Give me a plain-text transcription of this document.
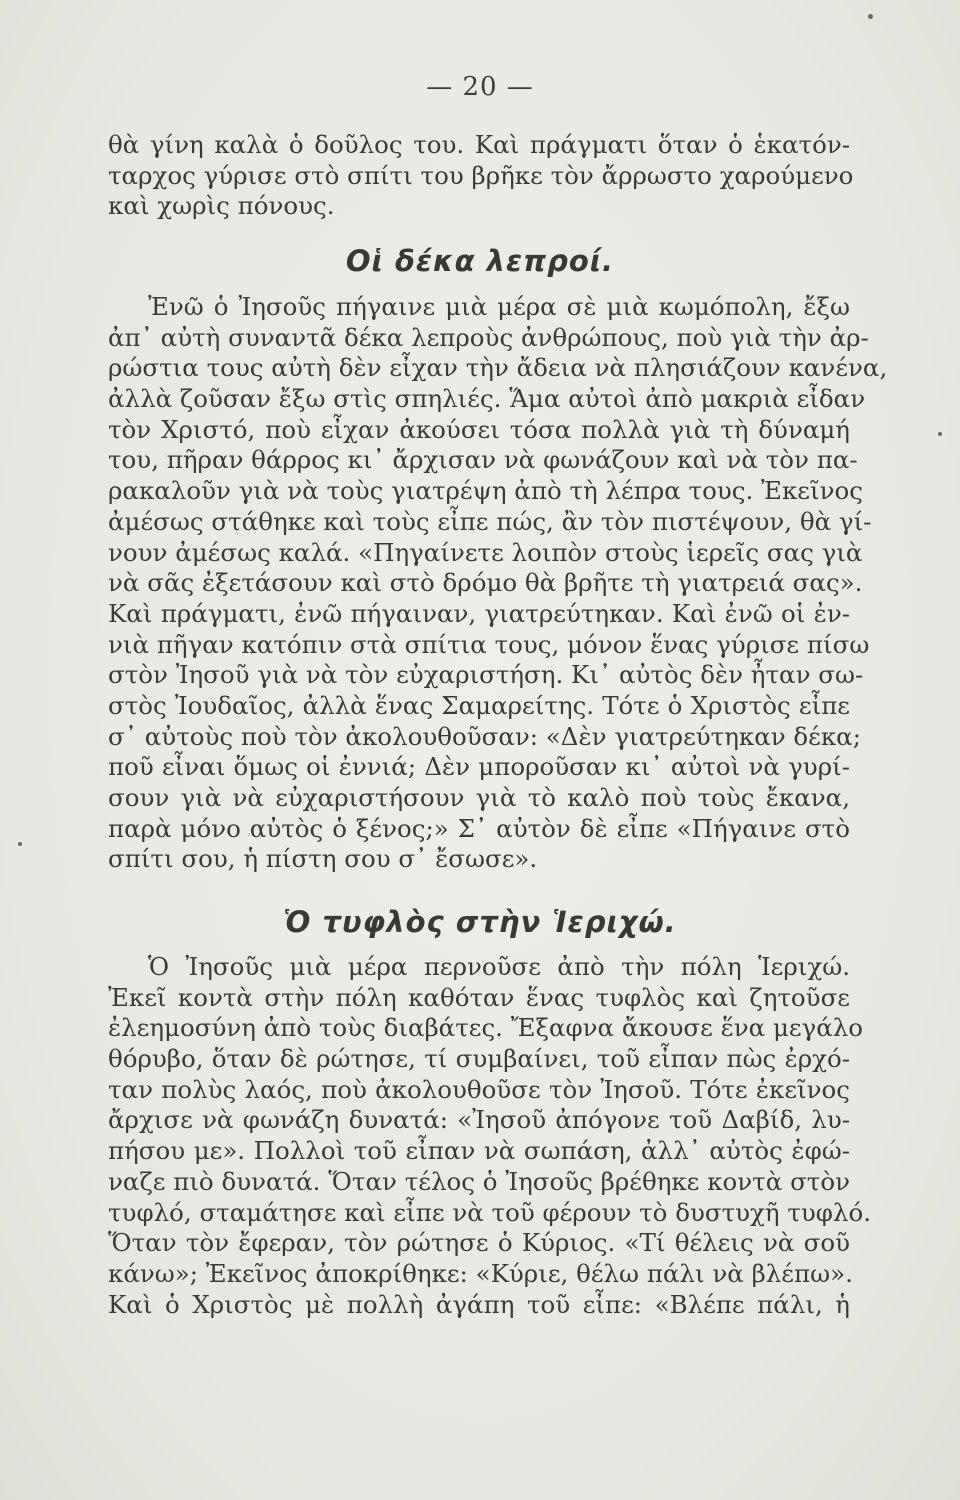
— 20 —
θὰ γίνη καλὰ ὁ δοῦλος του. Καὶ πράγματι ὅταν ὁ ἑκατόν-
ταρχος γύρισε στὸ σπίτι του βρῆκε τὸν ἄρρωστο χαρούμενο
καὶ χωρὶς πόνους.
Οἱ δέκα λεπροί.
Ἐνῶ ὁ Ἰησοῦς πήγαινε μιὰ μέρα σὲ μιὰ κωμόπολη, ἔξω
ἀπ᾿ αὐτὴ συναντᾶ δέκα λεπροὺς ἀνθρώπους, ποὺ γιὰ τὴν ἀρ-
ρώστια τους αὐτὴ δὲν εἶχαν τὴν ἄδεια νὰ πλησιάζουν κανένα,
ἀλλὰ ζοῦσαν ἔξω στὶς σπηλιές. Ἅμα αὐτοὶ ἀπὸ μακριὰ εἶδαν
τὸν Χριστό, ποὺ εἶχαν ἀκούσει τόσα πολλὰ γιὰ τὴ δύναμή
του, πῆραν θάρρος κι᾿ ἄρχισαν νὰ φωνάζουν καὶ νὰ τὸν πα-
ρακαλοῦν γιὰ νὰ τοὺς γιατρέψη ἀπὸ τὴ λέπρα τους. Ἐκεῖνος
ἀμέσως στάθηκε καὶ τοὺς εἶπε πώς, ἂν τὸν πιστέψουν, θὰ γί-
νουν ἀμέσως καλά. «Πηγαίνετε λοιπὸν στοὺς ἱερεῖς σας γιὰ
νὰ σᾶς ἐξετάσουν καὶ στὸ δρόμο θὰ βρῆτε τὴ γιατρειά σας».
Καὶ πράγματι, ἐνῶ πήγαιναν, γιατρεύτηκαν. Καὶ ἐνῶ οἱ ἐν-
νιὰ πῆγαν κατόπιν στὰ σπίτια τους, μόνον ἕνας γύρισε πίσω
στὸν Ἰησοῦ γιὰ νὰ τὸν εὐχαριστήση. Κι᾿ αὐτὸς δὲν ἦταν σω-
στὸς Ἰουδαῖος, ἀλλὰ ἕνας Σαμαρείτης. Τότε ὁ Χριστὸς εἶπε
σ᾿ αὐτοὺς ποὺ τὸν ἀκολουθοῦσαν: «Δὲν γιατρεύτηκαν δέκα;
ποῦ εἶναι ὅμως οἱ ἐννιά; Δὲν μποροῦσαν κι᾿ αὐτοὶ νὰ γυρί-
σουν γιὰ νὰ εὐχαριστήσουν γιὰ τὸ καλὸ ποὺ τοὺς ἔκανα,
παρὰ μόνο αὐτὸς ὁ ξένος;» Σ᾿ αὐτὸν δὲ εἶπε «Πήγαινε στὸ
σπίτι σου, ἡ πίστη σου σ᾿ ἔσωσε».
Ὁ τυφλὸς στὴν Ἱεριχώ.
Ὁ Ἰησοῦς μιὰ μέρα περνοῦσε ἀπὸ τὴν πόλη Ἱεριχώ.
Ἐκεῖ κοντὰ στὴν πόλη καθόταν ἕνας τυφλὸς καὶ ζητοῦσε
ἐλεημοσύνη ἀπὸ τοὺς διαβάτες. Ἔξαφνα ἄκουσε ἕνα μεγάλο
θόρυβο, ὅταν δὲ ρώτησε, τί συμβαίνει, τοῦ εἶπαν πὼς ἐρχό-
ταν πολὺς λαός, ποὺ ἀκολουθοῦσε τὸν Ἰησοῦ. Τότε ἐκεῖνος
ἄρχισε νὰ φωνάζη δυνατά: «Ἰησοῦ ἀπόγονε τοῦ Δαβίδ, λυ-
πήσου με». Πολλοὶ τοῦ εἶπαν νὰ σωπάση, ἀλλ᾿ αὐτὸς ἐφώ-
ναζε πιὸ δυνατά. Ὅταν τέλος ὁ Ἰησοῦς βρέθηκε κοντὰ στὸν
τυφλό, σταμάτησε καὶ εἶπε νὰ τοῦ φέρουν τὸ δυστυχῆ τυφλό.
Ὅταν τὸν ἔφεραν, τὸν ρώτησε ὁ Κύριος. «Τί θέλεις νὰ σοῦ
κάνω»; Ἐκεῖνος ἀποκρίθηκε: «Κύριε, θέλω πάλι νὰ βλέπω».
Καὶ ὁ Χριστὸς μὲ πολλὴ ἀγάπη τοῦ εἶπε: «Βλέπε πάλι, ἡ
